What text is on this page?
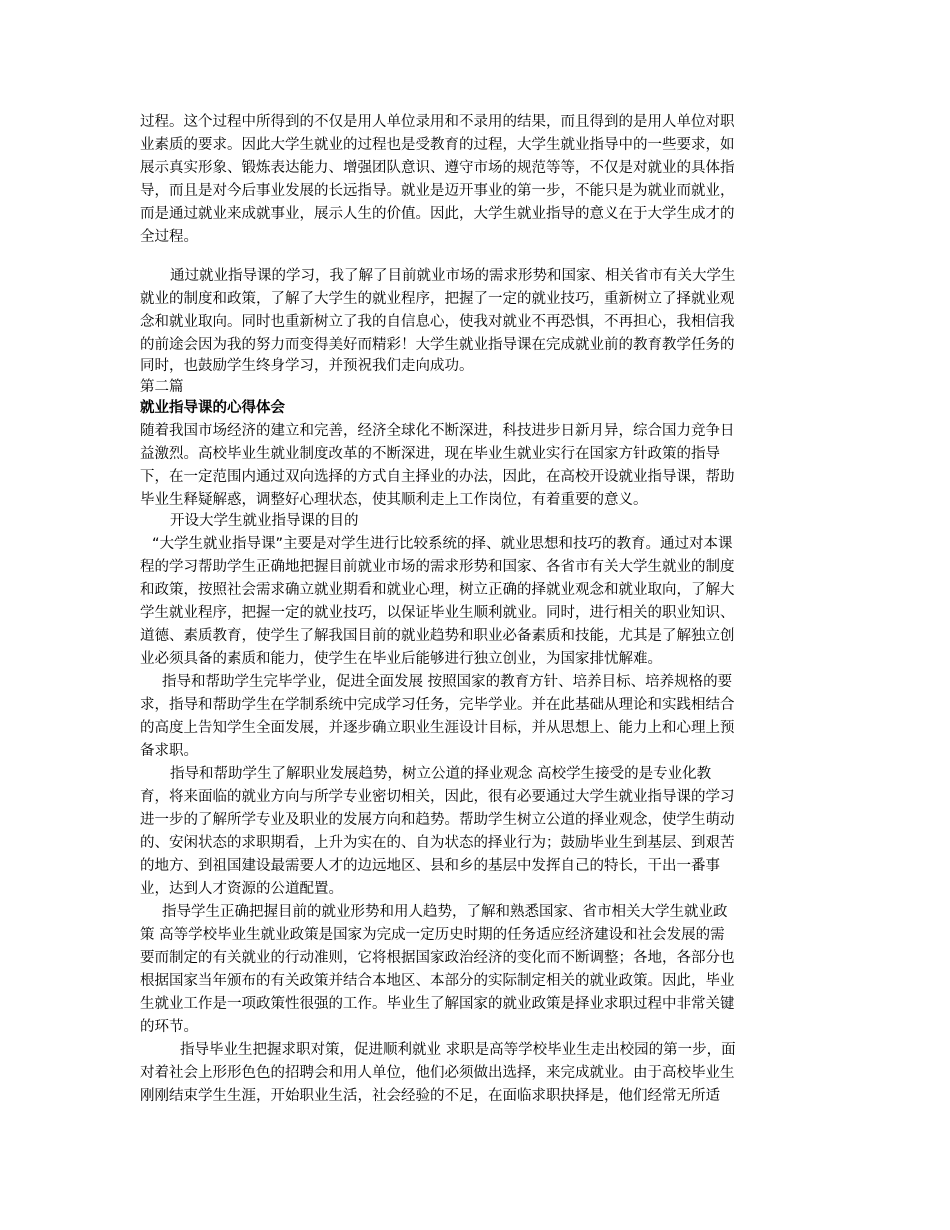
过程。这个过程中所得到的不仅是用人单位录用和不录用的结果，而且得到的是用人单位对职
业素质的要求。因此大学生就业的过程也是受教育的过程，大学生就业指导中的一些要求，如
展示真实形象、锻炼表达能力、增强团队意识、遵守市场的规范等等，不仅是对就业的具体指
导，而且是对今后事业发展的长远指导。就业是迈开事业的第一步，不能只是为就业而就业，
而是通过就业来成就事业，展示人生的价值。因此，大学生就业指导的意义在于大学生成才的
全过程。
通过就业指导课的学习，我了解了目前就业市场的需求形势和国家、相关省市有关大学生
就业的制度和政策，了解了大学生的就业程序，把握了一定的就业技巧，重新树立了择就业观
念和就业取向。同时也重新树立了我的自信息心，使我对就业不再恐惧，不再担心，我相信我
的前途会因为我的努力而变得美好而精彩！大学生就业指导课在完成就业前的教育教学任务的
同时，也鼓励学生终身学习，并预祝我们走向成功。
第二篇
就业指导课的心得体会
随着我国市场经济的建立和完善，经济全球化不断深进，科技进步日新月异，综合国力竞争日
益激烈。高校毕业生就业制度改革的不断深进，现在毕业生就业实行在国家方针政策的指导
下，在一定范围内通过双向选择的方式自主择业的办法，因此，在高校开设就业指导课，帮助
毕业生释疑解惑，调整好心理状态，使其顺利走上工作岗位，有着重要的意义。
开设大学生就业指导课的目的
“大学生就业指导课”主要是对学生进行比较系统的择、就业思想和技巧的教育。通过对本课
程的学习帮助学生正确地把握目前就业市场的需求形势和国家、各省市有关大学生就业的制度
和政策，按照社会需求确立就业期看和就业心理，树立正确的择就业观念和就业取向，了解大
学生就业程序，把握一定的就业技巧，以保证毕业生顺利就业。同时，进行相关的职业知识、
道德、素质教育，使学生了解我国目前的就业趋势和职业必备素质和技能，尤其是了解独立创
业必须具备的素质和能力，使学生在毕业后能够进行独立创业，为国家排忧解难。
指导和帮助学生完毕学业，促进全面发展 按照国家的教育方针、培养目标、培养规格的要
求，指导和帮助学生在学制系统中完成学习任务，完毕学业。并在此基础从理论和实践相结合
的高度上告知学生全面发展，并逐步确立职业生涯设计目标，并从思想上、能力上和心理上预
备求职。
指导和帮助学生了解职业发展趋势，树立公道的择业观念 高校学生接受的是专业化教
育，将来面临的就业方向与所学专业密切相关，因此，很有必要通过大学生就业指导课的学习
进一步的了解所学专业及职业的发展方向和趋势。帮助学生树立公道的择业观念，使学生萌动
的、安闲状态的求职期看，上升为实在的、自为状态的择业行为；鼓励毕业生到基层、到艰苦
的地方、到祖国建设最需要人才的边远地区、县和乡的基层中发挥自己的特长，干出一番事
业，达到人才资源的公道配置。
指导学生正确把握目前的就业形势和用人趋势，了解和熟悉国家、省市相关大学生就业政
策 高等学校毕业生就业政策是国家为完成一定历史时期的任务适应经济建设和社会发展的需
要而制定的有关就业的行动准则，它将根据国家政治经济的变化而不断调整；各地，各部分也
根据国家当年颁布的有关政策并结合本地区、本部分的实际制定相关的就业政策。因此，毕业
生就业工作是一项政策性很强的工作。毕业生了解国家的就业政策是择业求职过程中非常关键
的环节。
指导毕业生把握求职对策，促进顺利就业 求职是高等学校毕业生走出校园的第一步，面
对着社会上形形色色的招聘会和用人单位，他们必须做出选择，来完成就业。由于高校毕业生
刚刚结束学生生涯，开始职业生活，社会经验的不足，在面临求职抉择是，他们经常无所适
